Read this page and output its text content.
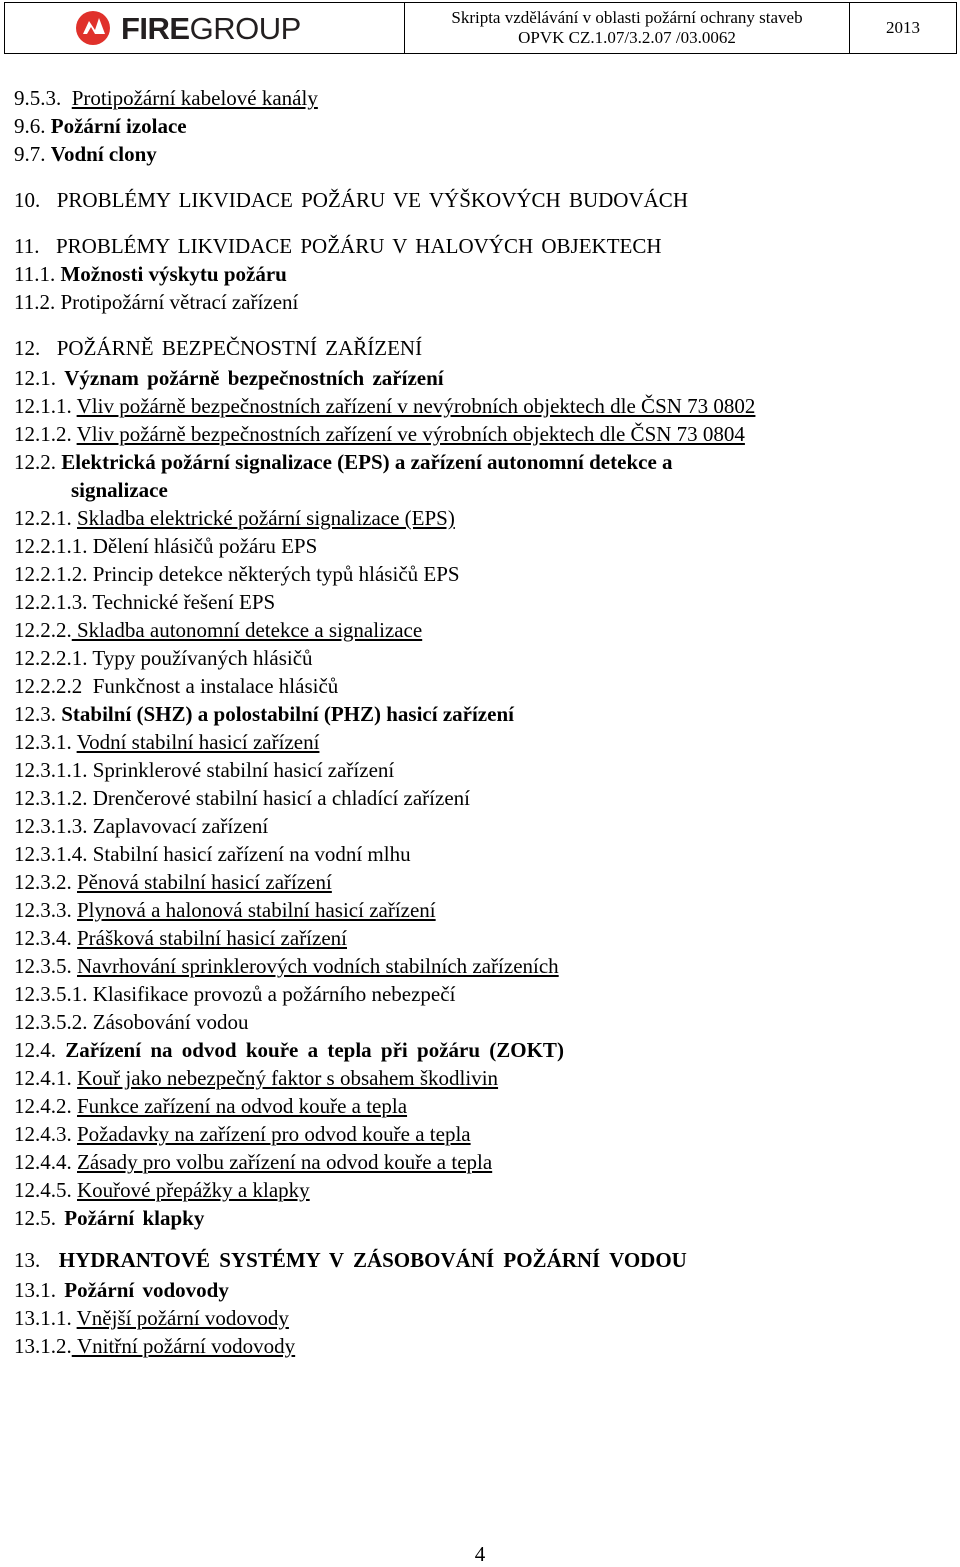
FIREGROUP	Skripta vzdělávání v oblasti požární ochrany staveb
OPVK CZ.1.07/3.2.07 /03.0062
2013
9.5.3. Protipožární kabelové kanály
9.6. Požární izolace
9.7. Vodní clony
10. PROBLÉMY LIKVIDACE POŽÁRU VE VÝŠKOVÝCH BUDOVÁCH
11. PROBLÉMY LIKVIDACE POŽÁRU V HALOVÝCH OBJEKTECH
11.1. Možnosti výskytu požáru
11.2. Protipožární větrací zařízení
12. POŽÁRNĚ BEZPEČNOSTNÍ ZAŘÍZENÍ
12.1. Význam požárně bezpečnostních zařízení
12.1.1. Vliv požárně bezpečnostních zařízení v nevýrobních objektech dle ČSN 73 0802
12.1.2. Vliv požárně bezpečnostních zařízení ve výrobních objektech dle ČSN 73 0804
12.2. Elektrická požární signalizace (EPS) a zařízení autonomní detekce a
signalizace
12.2.1. Skladba elektrické požární signalizace (EPS)
12.2.1.1. Dělení hlásičů požáru EPS
12.2.1.2. Princip detekce některých typů hlásičů EPS
12.2.1.3. Technické řešení EPS
12.2.2. Skladba autonomní detekce a signalizace
12.2.2.1. Typy používaných hlásičů
12.2.2.2 Funkčnost a instalace hlásičů
12.3. Stabilní (SHZ) a polostabilní (PHZ) hasicí zařízení
12.3.1. Vodní stabilní hasicí zařízení
12.3.1.1. Sprinklerové stabilní hasicí zařízení
12.3.1.2. Drenčerové stabilní hasicí a chladící zařízení
12.3.1.3. Zaplavovací zařízení
12.3.1.4. Stabilní hasicí zařízení na vodní mlhu
12.3.2. Pěnová stabilní hasicí zařízení
12.3.3. Plynová a halonová stabilní hasicí zařízení
12.3.4. Prášková stabilní hasicí zařízení
12.3.5. Navrhování sprinklerových vodních stabilních zařízeních
12.3.5.1. Klasifikace provozů a požárního nebezpečí
12.3.5.2. Zásobování vodou
12.4. Zařízení na odvod kouře a tepla při požáru (ZOKT)
12.4.1. Kouř jako nebezpečný faktor s obsahem škodlivin
12.4.2. Funkce zařízení na odvod kouře a tepla
12.4.3. Požadavky na zařízení pro odvod kouře a tepla
12.4.4. Zásady pro volbu zařízení na odvod kouře a tepla
12.4.5. Kouřové přepážky a klapky
12.5. Požární klapky
13. HYDRANTOVÉ SYSTÉMY V ZÁSOBOVÁNÍ POŽÁRNÍ VODOU
13.1. Požární vodovody
13.1.1. Vnější požární vodovody
13.1.2. Vnitřní požární vodovody
4
